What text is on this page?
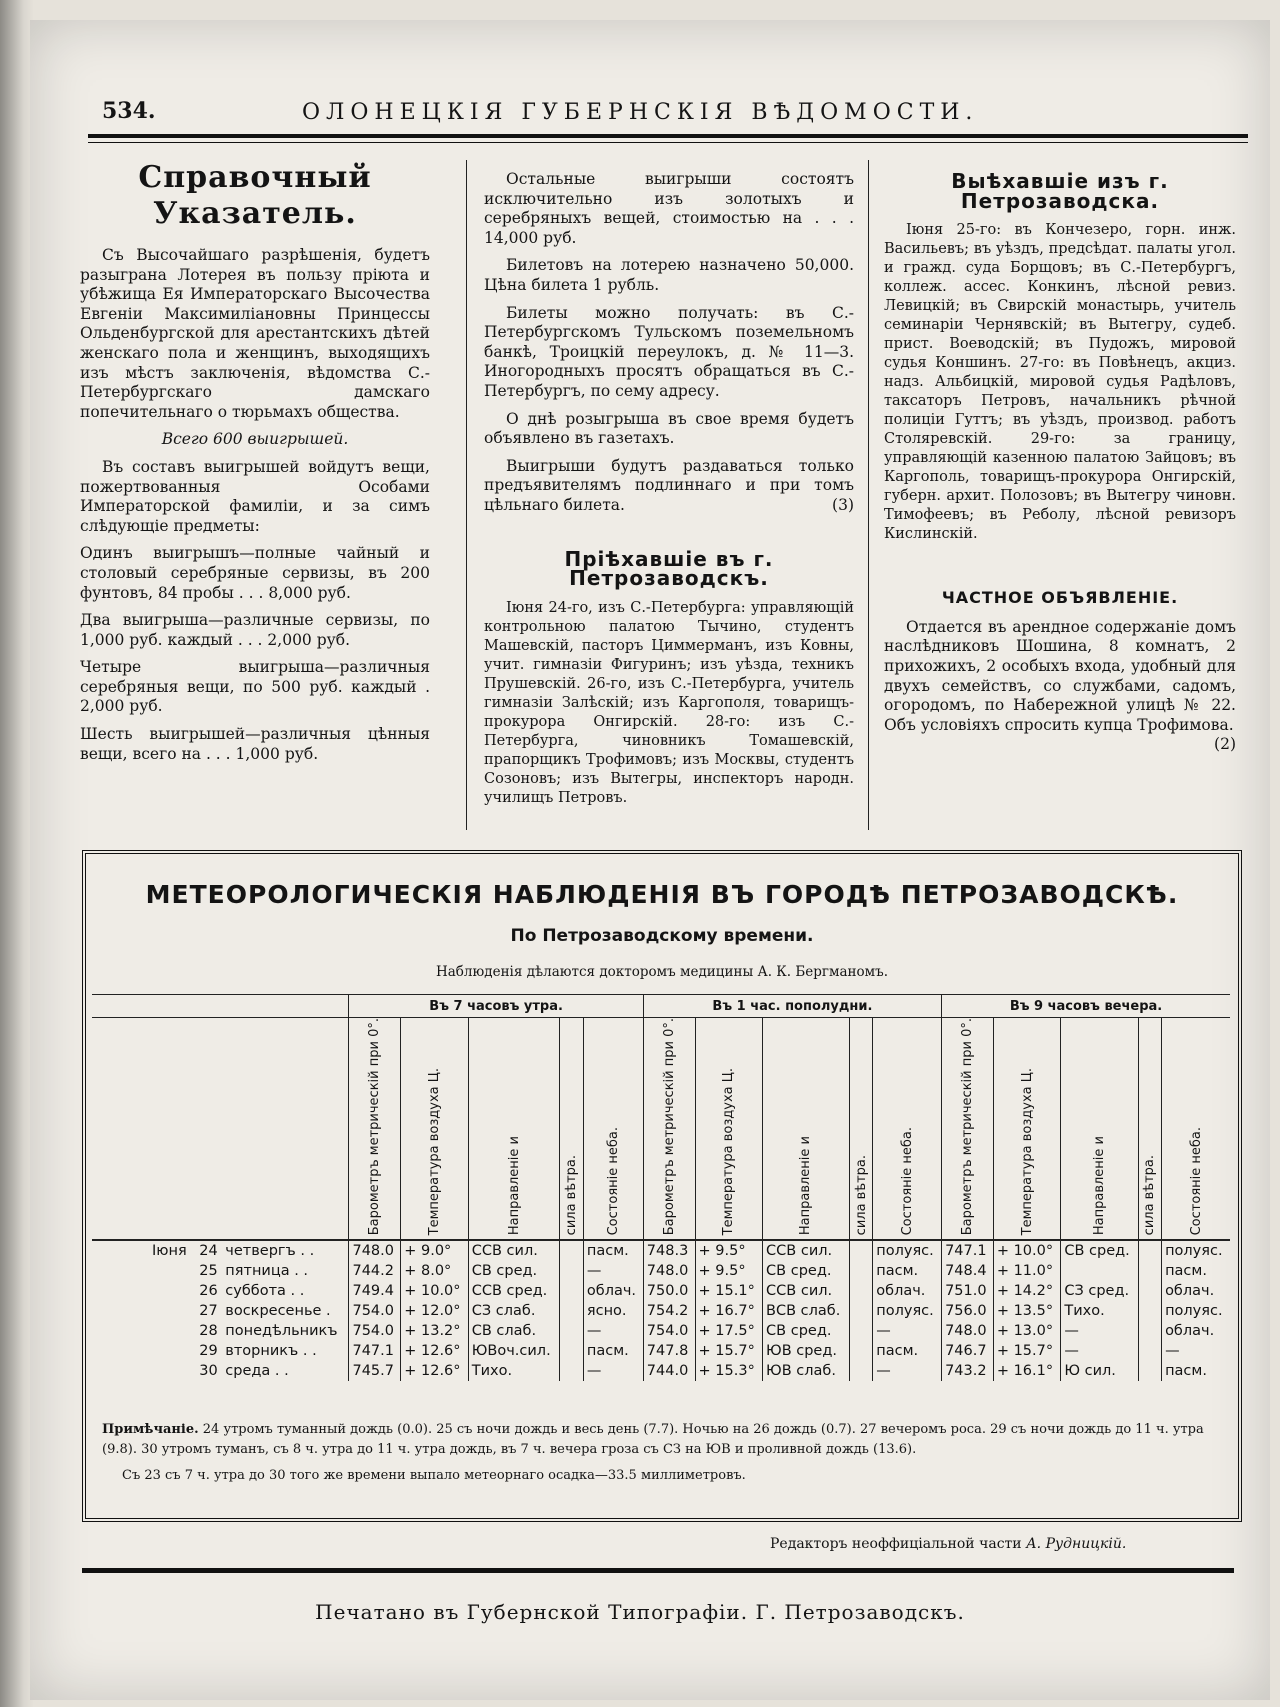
534.	ОЛОНЕЦКІЯ ГУБЕРНСКІЯ ВѢДОМОСТИ.
Справочный Указатель.

Съ Высочайшаго разрѣшенія, будетъ разыграна Лотерея въ пользу пріюта и убѣжища Ея Императорскаго Высочества Евгеніи Максимиліановны Принцессы Ольденбургской для арестантскихъ дѣтей женскаго пола и женщинъ, выходящихъ изъ мѣстъ заключенія, вѣдомства С.-Петербургскаго дамскаго попечительнаго о тюрьмахъ общества.

Всего 600 выигрышей.

Въ составъ выигрышей войдутъ вещи, пожертвованныя Особами Императорской фамиліи, и за симъ слѣдующіе предметы:

Одинъ выигрышъ—полные чайный и столовый серебряные сервизы, въ 200 фунтовъ, 84 пробы . . . 8,000 руб.

Два выигрыша—различные сервизы, по 1,000 руб. каждый . . . 2,000 руб.

Четыре выигрыша—различныя серебряныя вещи, по 500 руб. каждый . 2,000 руб.

Шесть выигрышей—различныя цѣнныя вещи, всего на . . . 1,000 руб.

Остальные выигрыши состоятъ исключительно изъ золотыхъ и серебряныхъ вещей, стоимостью на . . . 14,000 руб.

Билетовъ на лотерею назначено 50,000. Цѣна билета 1 рубль.

Билеты можно получать: въ С.-Петербургскомъ Тульскомъ поземельномъ банкѣ, Троицкій переулокъ, д. № 11—3. Иногородныхъ просятъ обращаться въ С.-Петербургъ, по сему адресу.

О днѣ розыгрыша въ свое время будетъ объявлено въ газетахъ.

Выигрыши будутъ раздаваться только предъявителямъ подлиннаго и при томъ цѣльнаго билета.	(3)

Пріѣхавшіе въ г. Петрозаводскъ.

Іюня 24-го, изъ С.-Петербурга: управляющій контрольною палатою Тычино, студентъ Машевскій, пасторъ Циммерманъ, изъ Ковны, учит. гимназіи Фигуринъ; изъ уѣзда, техникъ Прушевскій. 26-го, изъ С.-Петербурга, учитель гимназіи Залѣскій; изъ Каргополя, товарищъ-прокурора Онгирскій. 28-го: изъ С.-Петербурга, чиновникъ Томашевскій, прапорщикъ Трофимовъ; изъ Москвы, студентъ Созоновъ; изъ Вытегры, инспекторъ народн. училищъ Петровъ.

Выѣхавшіе изъ г. Петрозаводска.

Іюня 25-го: въ Кончезеро, горн. инж. Васильевъ; въ уѣздъ, предсѣдат. палаты угол. и гражд. суда Борщовъ; въ С.-Петербургъ, коллеж. ассес. Конкинъ, лѣсной ревиз. Левицкій; въ Свирскій монастырь, учитель семинаріи Чернявскій; въ Вытегру, судеб. прист. Воеводскій; въ Пудожъ, мировой судья Коншинъ. 27-го: въ Повѣнецъ, акциз. надз. Альбицкій, мировой судья Радѣловъ, таксаторъ Петровъ, начальникъ рѣчной полиціи Гуттъ; въ уѣздъ, производ. работъ Столяревскій. 29-го: за границу, управляющій казенною палатою Зайцовъ; въ Каргополь, товарищъ-прокурора Онгирскій, губерн. архит. Полозовъ; въ Вытегру чиновн. Тимофеевъ; въ Реболу, лѣсной ревизоръ Кислинскій.

ЧАСТНОЕ ОБЪЯВЛЕНІЕ.

Отдается въ арендное содержаніе домъ наслѣдниковъ Шошина, 8 комнатъ, 2 прихожихъ, 2 особыхъ входа, удобный для двухъ семействъ, со службами, садомъ, огородомъ, по Набережной улицѣ № 22. Объ условіяхъ спросить купца Трофимова.
(2)

МЕТЕОРОЛОГИЧЕСКІЯ НАБЛЮДЕНІЯ ВЪ ГОРОДѢ ПЕТРОЗАВОДСКѢ.
По Петрозаводскому времени.
Наблюденія дѣлаются докторомъ медицины А. К. Бергманомъ.
			Въ 7 часовъ утра.					Въ 1 час. пополудни.					Въ 9 часовъ вечера.				
			Барометръ метрическій при 0°.	Температура воздуха Ц.	Направленіе и	сила вѣтра.	Состояніе неба.	Барометръ метрическій при 0°.	Температура воздуха Ц.	Направленіе и	сила вѣтра.	Состояніе неба.	Барометръ метрическій при 0°.	Температура воздуха Ц.	Направленіе и	сила вѣтра.	Состояніе неба.
Іюня	24	четвергъ . .	748.0	+ 9.0°	ССВ сил.		пасм.	748.3	+ 9.5°	ССВ сил.		полуяс.	747.1	+ 10.0°	СВ сред.		полуяс.
	25	пятница . .	744.2	+ 8.0°	СВ сред.		—	748.0	+ 9.5°	СВ сред.		пасм.	748.4	+ 11.0°			пасм.
	26	суббота . .	749.4	+ 10.0°	ССВ сред.		облач.	750.0	+ 15.1°	ССВ сил.		облач.	751.0	+ 14.2°	СЗ сред.		облач.
	27	воскресенье .	754.0	+ 12.0°	СЗ слаб.		ясно.	754.2	+ 16.7°	ВСВ слаб.		полуяс.	756.0	+ 13.5°	Тихо.		полуяс.
	28	понедѣльникъ	754.0	+ 13.2°	СВ слаб.		—	754.0	+ 17.5°	СВ сред.		—	748.0	+ 13.0°	—		облач.
	29	вторникъ . .	747.1	+ 12.6°	ЮВоч.сил.		пасм.	747.8	+ 15.7°	ЮВ сред.		пасм.	746.7	+ 15.7°	—		—
	30	среда . .	745.7	+ 12.6°	Тихо.		—	744.0	+ 15.3°	ЮВ слаб.		—	743.2	+ 16.1°	Ю сил.		пасм.

Примѣчаніе. 24 утромъ туманный дождь (0.0). 25 съ ночи дождь и весь день (7.7). Ночью на 26 дождь (0.7). 27 вечеромъ роса. 29 съ ночи дождь до 11 ч. утра (9.8). 30 утромъ туманъ, съ 8 ч. утра до 11 ч. утра дождь, въ 7 ч. вечера гроза съ СЗ на ЮВ и проливной дождь (13.6).

Съ 23 съ 7 ч. утра до 30 того же времени выпало метеорнаго осадка—33.5 миллиметровъ.

Редакторъ неоффиціальной части А. Рудницкій.
Печатано въ Губернской Типографіи. Г. Петрозаводскъ.
